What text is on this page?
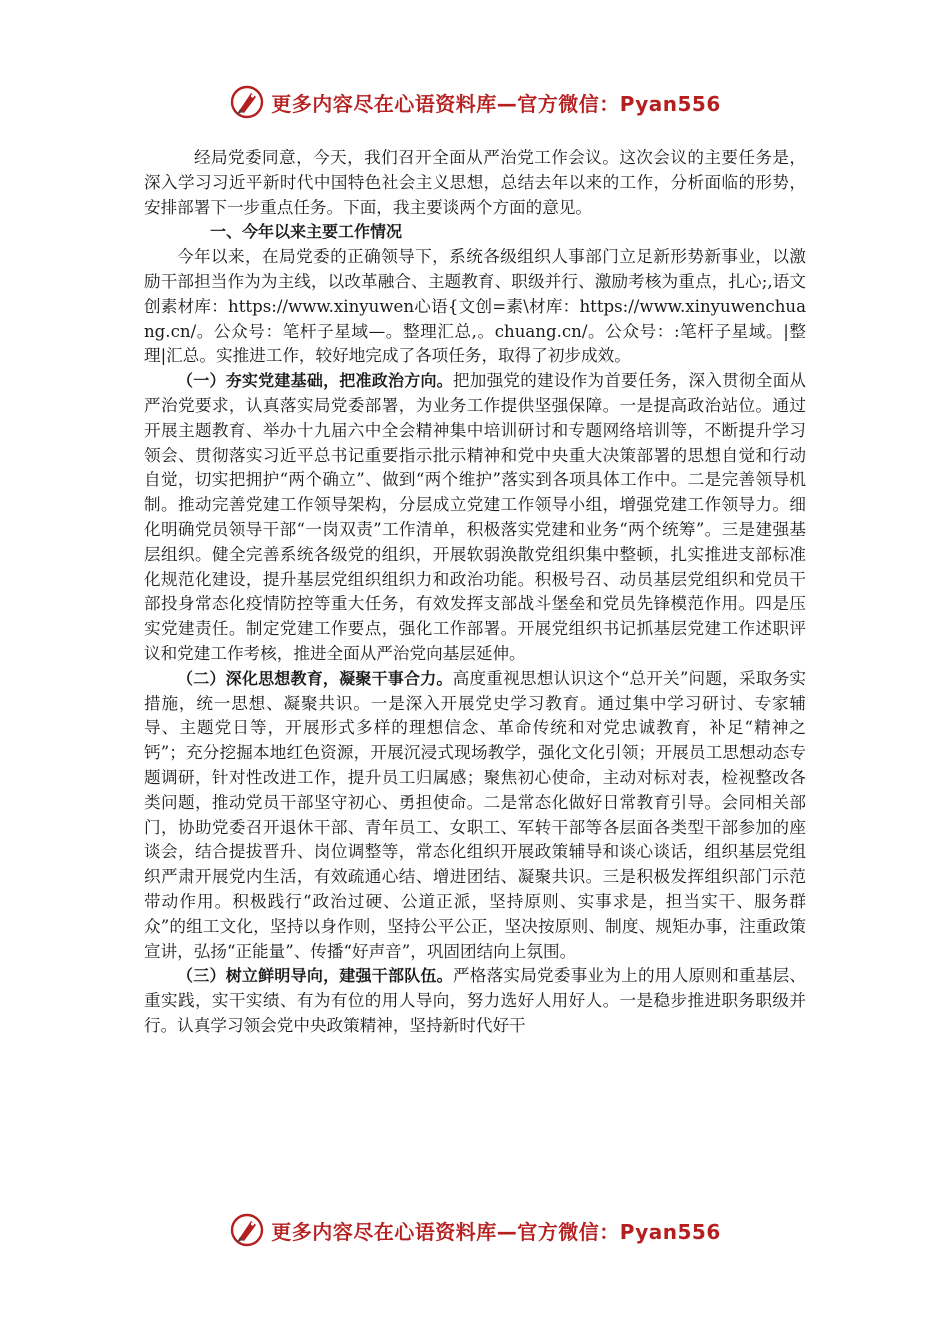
更多内容尽在心语资料库—官方微信：Pyan556

经局党委同意，今天，我们召开全面从严治党工作会议。这次会议的主要任务是，深入学习习近平新时代中国特色社会主义思想，总结去年以来的工作，分析面临的形势，安排部署下一步重点任务。下面，我主要谈两个方面的意见。

一、今年以来主要工作情况

今年以来，在局党委的正确领导下，系统各级组织人事部门立足新形势新事业，以激励干部担当作为为主线，以改革融合、主题教育、职级并行、激励考核为重点，扎心;,语文创素材库：https://www.xinyuwen心语{文创=素\材库：https://www.xinyuwenchuang.cn/。公众号：笔杆子星域—。整理汇总,。chuang.cn/。公众号：:笔杆子星域。|整理|汇总。实推进工作，较好地完成了各项任务，取得了初步成效。

（一）夯实党建基础，把准政治方向。把加强党的建设作为首要任务，深入贯彻全面从严治党要求，认真落实局党委部署，为业务工作提供坚强保障。一是提高政治站位。通过开展主题教育、举办十九届六中全会精神集中培训研讨和专题网络培训等，不断提升学习领会、贯彻落实习近平总书记重要指示批示精神和党中央重大决策部署的思想自觉和行动自觉，切实把拥护“两个确立”、做到“两个维护”落实到各项具体工作中。二是完善领导机制。推动完善党建工作领导架构，分层成立党建工作领导小组，增强党建工作领导力。细化明确党员领导干部“一岗双责”工作清单，积极落实党建和业务“两个统筹”。三是建强基层组织。健全完善系统各级党的组织，开展软弱涣散党组织集中整顿，扎实推进支部标准化规范化建设，提升基层党组织组织力和政治功能。积极号召、动员基层党组织和党员干部投身常态化疫情防控等重大任务，有效发挥支部战斗堡垒和党员先锋模范作用。四是压实党建责任。制定党建工作要点，强化工作部署。开展党组织书记抓基层党建工作述职评议和党建工作考核，推进全面从严治党向基层延伸。

（二）深化思想教育，凝聚干事合力。高度重视思想认识这个“总开关”问题，采取务实措施，统一思想、凝聚共识。一是深入开展党史学习教育。通过集中学习研讨、专家辅导、主题党日等，开展形式多样的理想信念、革命传统和对党忠诚教育，补足“精神之钙”；充分挖掘本地红色资源，开展沉浸式现场教学，强化文化引领；开展员工思想动态专题调研，针对性改进工作，提升员工归属感；聚焦初心使命，主动对标对表，检视整改各类问题，推动党员干部坚守初心、勇担使命。二是常态化做好日常教育引导。会同相关部门，协助党委召开退休干部、青年员工、女职工、军转干部等各层面各类型干部参加的座谈会，结合提拔晋升、岗位调整等，常态化组织开展政策辅导和谈心谈话，组织基层党组织严肃开展党内生活，有效疏通心结、增进团结、凝聚共识。三是积极发挥组织部门示范带动作用。积极践行“政治过硬、公道正派，坚持原则、实事求是，担当实干、服务群众”的组工文化，坚持以身作则，坚持公平公正，坚决按原则、制度、规矩办事，注重政策宣讲，弘扬“正能量”、传播“好声音”，巩固团结向上氛围。

（三）树立鲜明导向，建强干部队伍。严格落实局党委事业为上的用人原则和重基层、重实践，实干实绩、有为有位的用人导向，努力选好人用好人。一是稳步推进职务职级并行。认真学习领会党中央政策精神，坚持新时代好干

更多内容尽在心语资料库—官方微信：Pyan556
